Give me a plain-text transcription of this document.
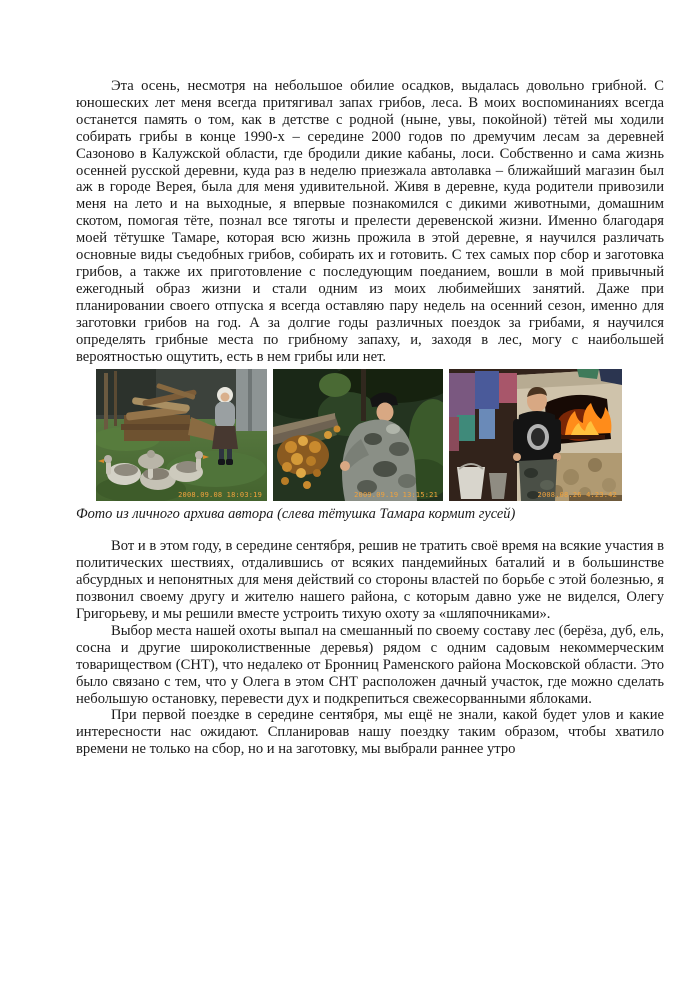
Эта осень, несмотря на небольшое обилие осадков, выдалась довольно грибной. С юношеских лет меня всегда притягивал запах грибов, леса. В моих воспоминаниях всегда останется память о том, как в детстве с родной (ныне, увы, покойной) тётей мы ходили собирать грибы в конце 1990-х – середине 2000 годов по дремучим лесам за деревней Сазоново в Калужской области, где бродили дикие кабаны, лоси. Собственно и сама жизнь осенней русской деревни, куда раз в неделю приезжала автолавка – ближайший магазин был аж в городе Верея, была для меня удивительной. Живя в деревне, куда родители привозили меня на лето и на выходные, я впервые познакомился с дикими животными, домашним скотом, помогая тёте, познал все тяготы и прелести деревенской жизни. Именно благодаря моей тётушке Тамаре, которая всю жизнь прожила в этой деревне, я научился различать основные виды съедобных грибов, собирать их и готовить. С тех самых пор сбор и заготовка грибов, а также их приготовление с последующим поеданием, вошли в мой привычный ежегодный образ жизни и стали одним из моих любимейших занятий. Даже при планировании своего отпуска я всегда оставляю пару недель на осенний сезон, именно для заготовки грибов на год. А за долгие годы различных поездок за грибами, я научился определять грибные места по грибному запаху, и, заходя в лес, могу с наибольшей вероятностью ощутить, есть в нем грибы или нет.

2008.09.08 18:03:19	2009.09.19 13:15:21	2008.08.26 4:23:42

Фото из личного архива автора (слева тётушка Тамара кормит гусей)

Вот и в этом году, в середине сентября, решив не тратить своё время на всякие участия в политических шествиях, отдалившись от всяких пандемийных баталий и в большинстве абсурдных и непонятных для меня действий со стороны властей по борьбе с этой болезнью, я позвонил своему другу и жителю нашего района, с которым давно уже не виделся, Олегу Григорьеву, и мы решили вместе устроить тихую охоту за «шляпочниками».

Выбор места нашей охоты выпал на смешанный по своему составу лес (берёза, дуб, ель, сосна и другие широколиственные деревья) рядом с одним садовым некоммерческим товариществом (СНТ), что недалеко от Бронниц Раменского района Московской области. Это было связано с тем, что у Олега в этом СНТ расположен дачный участок, где можно сделать небольшую остановку, перевести дух и подкрепиться свежесорванными яблоками.

При первой поездке в середине сентября, мы ещё не знали, какой будет улов и какие интересности нас ожидают. Спланировав нашу поездку таким образом, чтобы хватило времени не только на сбор, но и на заготовку, мы выбрали раннее утро
